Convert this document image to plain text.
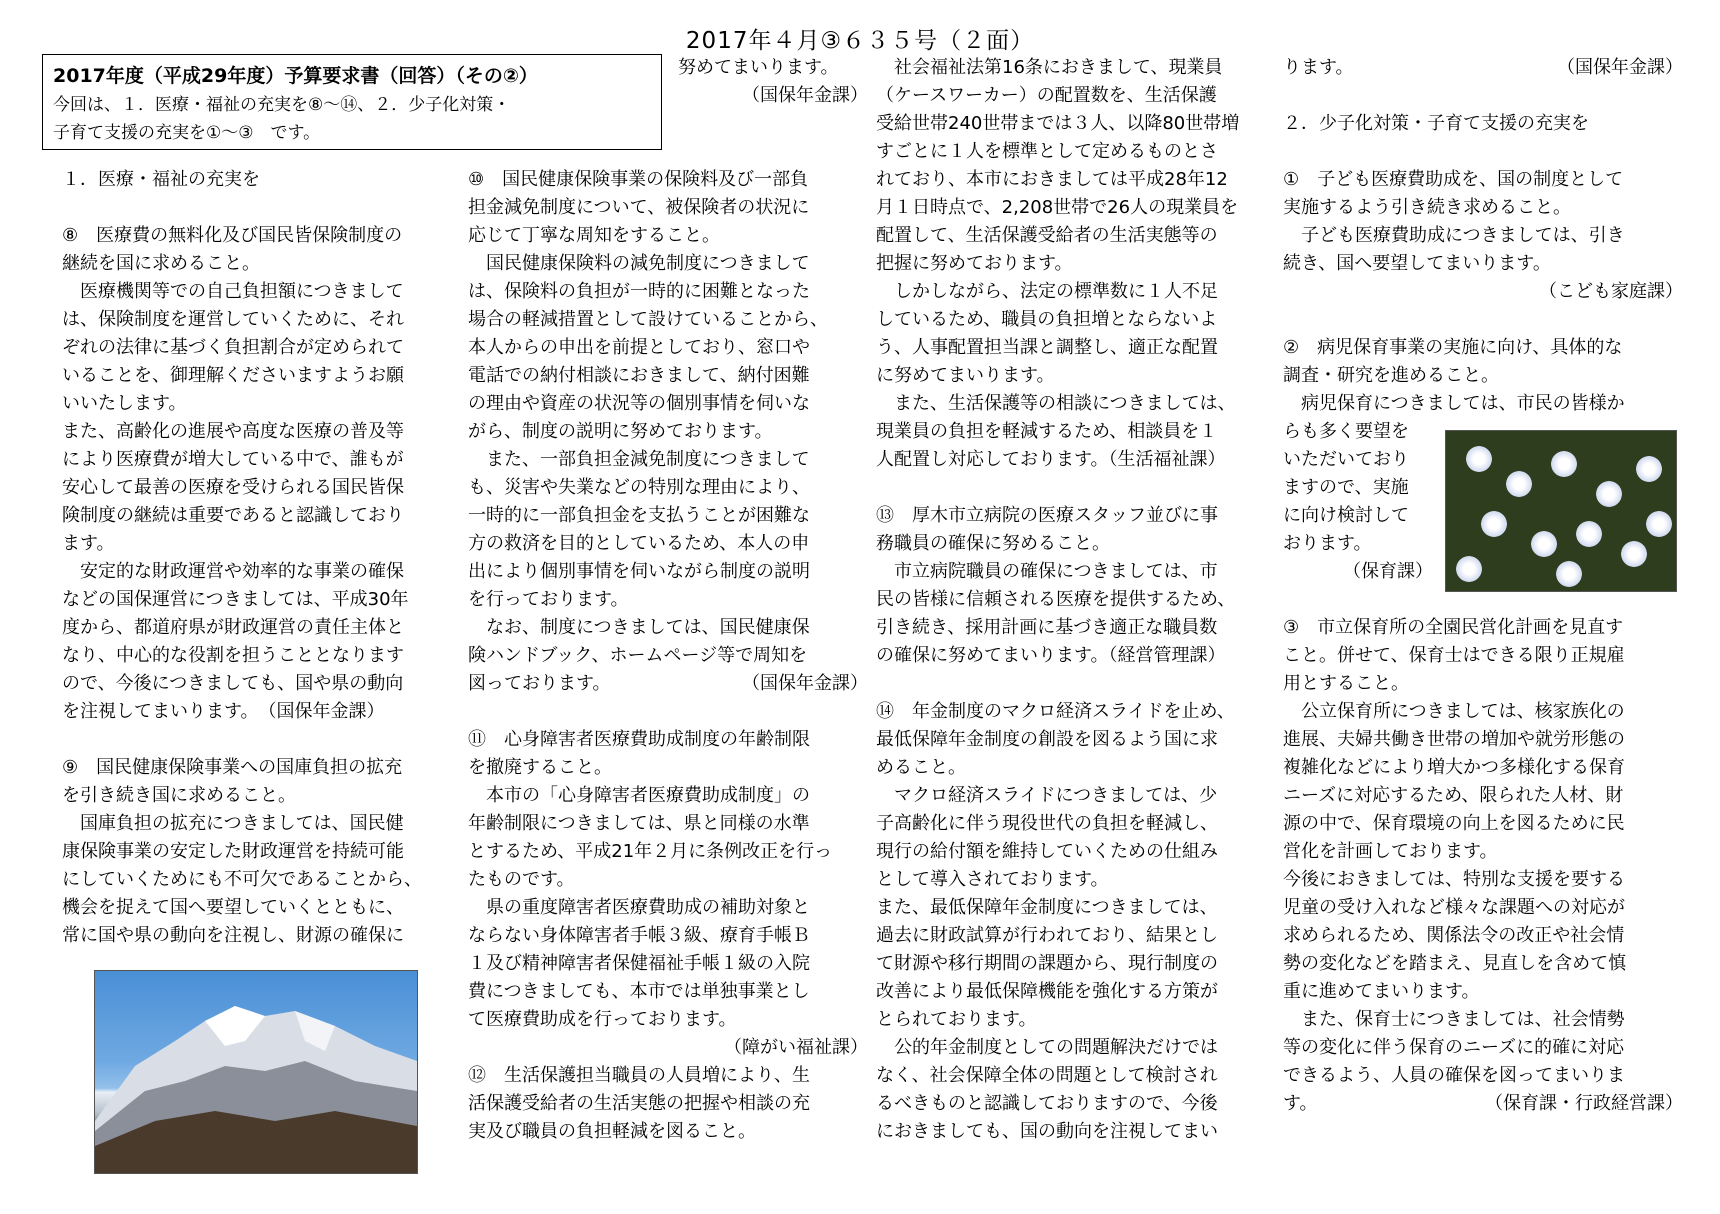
2017年４月③６３５号（２面）
2017年度（平成29年度）予算要求書（回答）（その②）
今回は、１．医療・福祉の充実を⑧～⑭、２．少子化対策・
子育て支援の充実を①～③　です。

１．医療・福祉の充実を

⑧　医療費の無料化及び国民皆保険制度の
継続を国に求めること。

　医療機関等での自己負担額につきまして
は、保険制度を運営していくために、それ
ぞれの法律に基づく負担割合が定められて
いることを、御理解くださいますようお願
いいたします。
また、高齢化の進展や高度な医療の普及等
により医療費が増大している中で、誰もが
安心して最善の医療を受けられる国民皆保
険制度の継続は重要であると認識しており
ます。
　安定的な財政運営や効率的な事業の確保
などの国保運営につきましては、平成30年
度から、都道府県が財政運営の責任主体と
なり、中心的な役割を担うこととなります
ので、今後につきましても、国や県の動向
を注視してまいります。　（国保年金課）

⑨　国民健康保険事業への国庫負担の拡充
を引き続き国に求めること。

　国庫負担の拡充につきましては、国民健
康保険事業の安定した財政運営を持続可能
にしていくためにも不可欠であることから、
機会を捉えて国へ要望していくとともに、
常に国や県の動向を注視し、財源の確保に

努めてまいります。

（国保年金課）

⑩　国民健康保険事業の保険料及び一部負
担金減免制度について、被保険者の状況に
応じて丁寧な周知をすること。

　国民健康保険料の減免制度につきまして
は、保険料の負担が一時的に困難となった
場合の軽減措置として設けていることから、
本人からの申出を前提としており、窓口や
電話での納付相談におきまして、納付困難
の理由や資産の状況等の個別事情を伺いな
がら、制度の説明に努めております。
　また、一部負担金減免制度につきまして
も、災害や失業などの特別な理由により、
一時的に一部負担金を支払うことが困難な
方の救済を目的としているため、本人の申
出により個別事情を伺いながら制度の説明
を行っております。
　なお、制度につきましては、国民健康保
険ハンドブック、ホームページ等で周知を
図っております。	（国保年金課）

⑪　心身障害者医療費助成制度の年齢制限
を撤廃すること。

　本市の「心身障害者医療費助成制度」の
年齢制限につきましては、県と同様の水準
とするため、平成21年２月に条例改正を行っ
たものです。
　県の重度障害者医療費助成の補助対象と
ならない身体障害者手帳３級、療育手帳Ｂ
１及び精神障害者保健福祉手帳１級の入院
費につきましても、本市では単独事業とし
て医療費助成を行っております。

（障がい福祉課）

⑫　生活保護担当職員の人員増により、生
活保護受給者の生活実態の把握や相談の充
実及び職員の負担軽減を図ること。

　社会福祉法第16条におきまして、現業員
（ケースワーカー）の配置数を、生活保護
受給世帯240世帯までは３人、以降80世帯増
すごとに１人を標準として定めるものとさ
れており、本市におきましては平成28年12
月１日時点で、2,208世帯で26人の現業員を
配置して、生活保護受給者の生活実態等の
把握に努めております。
　しかしながら、法定の標準数に１人不足
しているため、職員の負担増とならないよ
う、人事配置担当課と調整し、適正な配置
に努めてまいります。
　また、生活保護等の相談につきましては、
現業員の負担を軽減するため、相談員を１
人配置し対応しております。（生活福祉課）

⑬　厚木市立病院の医療スタッフ並びに事
務職員の確保に努めること。

　市立病院職員の確保につきましては、市
民の皆様に信頼される医療を提供するため、
引き続き、採用計画に基づき適正な職員数
の確保に努めてまいります。（経営管理課）

⑭　年金制度のマクロ経済スライドを止め、
最低保障年金制度の創設を図るよう国に求
めること。

　マクロ経済スライドにつきましては、少
子高齢化に伴う現役世代の負担を軽減し、
現行の給付額を維持していくための仕組み
として導入されております。
また、最低保障年金制度につきましては、
過去に財政試算が行われており、結果とし
て財源や移行期間の課題から、現行制度の
改善により最低保障機能を強化する方策が
とられております。
　公的年金制度としての問題解決だけでは
なく、社会保障全体の問題として検討され
るべきものと認識しておりますので、今後
におきましても、国の動向を注視してまい

ります。	（国保年金課）

２．少子化対策・子育て支援の充実を

①　子ども医療費助成を、国の制度として
実施するよう引き続き求めること。

　子ども医療費助成につきましては、引き
続き、国へ要望してまいります。

（こども家庭課）

②　病児保育事業の実施に向け、具体的な
調査・研究を進めること。

　病児保育につきましては、市民の皆様か

らも多く要望を
いただいており
ますので、実施
に向け検討して
おります。

（保育課）

③　市立保育所の全園民営化計画を見直す
こと。併せて、保育士はできる限り正規雇
用とすること。

　公立保育所につきましては、核家族化の
進展、夫婦共働き世帯の増加や就労形態の
複雑化などにより増大かつ多様化する保育
ニーズに対応するため、限られた人材、財
源の中で、保育環境の向上を図るために民
営化を計画しております。
今後におきましては、特別な支援を要する
児童の受け入れなど様々な課題への対応が
求められるため、関係法令の改正や社会情
勢の変化などを踏まえ、見直しを含めて慎
重に進めてまいります。
　また、保育士につきましては、社会情勢
等の変化に伴う保育のニーズに的確に対応
できるよう、人員の確保を図ってまいりま
す。	（保育課・行政経営課）
